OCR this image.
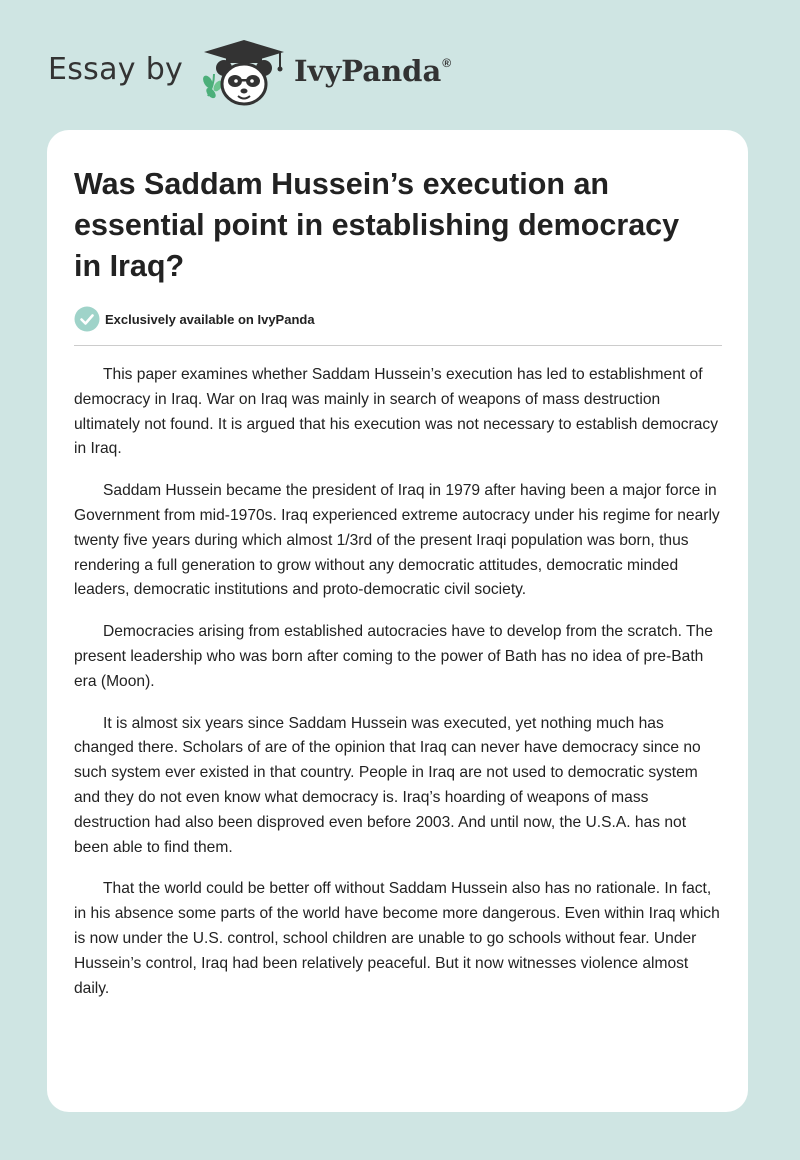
Essay by	IvyPanda®
Was Saddam Hussein’s execution an essential point in establishing democracy in Iraq?
Exclusively available on IvyPanda

This paper examines whether Saddam Hussein’s execution has led to establishment of democracy in Iraq. War on Iraq was mainly in search of weapons of mass destruction ultimately not found. It is argued that his execution was not necessary to establish democracy in Iraq.

Saddam Hussein became the president of Iraq in 1979 after having been a major force in Government from mid-1970s. Iraq experienced extreme autocracy under his regime for nearly twenty five years during which almost 1/3rd of the present Iraqi population was born, thus rendering a full generation to grow without any democratic attitudes, democratic minded leaders, democratic institutions and proto-democratic civil society.

Democracies arising from established autocracies have to develop from the scratch. The present leadership who was born after coming to the power of Bath has no idea of pre-Bath era (Moon).

It is almost six years since Saddam Hussein was executed, yet nothing much has changed there. Scholars of are of the opinion that Iraq can never have democracy since no such system ever existed in that country. People in Iraq are not used to democratic system and they do not even know what democracy is. Iraq’s hoarding of weapons of mass destruction had also been disproved even before 2003. And until now, the U.S.A. has not been able to find them.

That the world could be better off without Saddam Hussein also has no rationale. In fact, in his absence some parts of the world have become more dangerous. Even within Iraq which is now under the U.S. control, school children are unable to go schools without fear. Under Hussein’s control, Iraq had been relatively peaceful. But it now witnesses violence almost daily.
